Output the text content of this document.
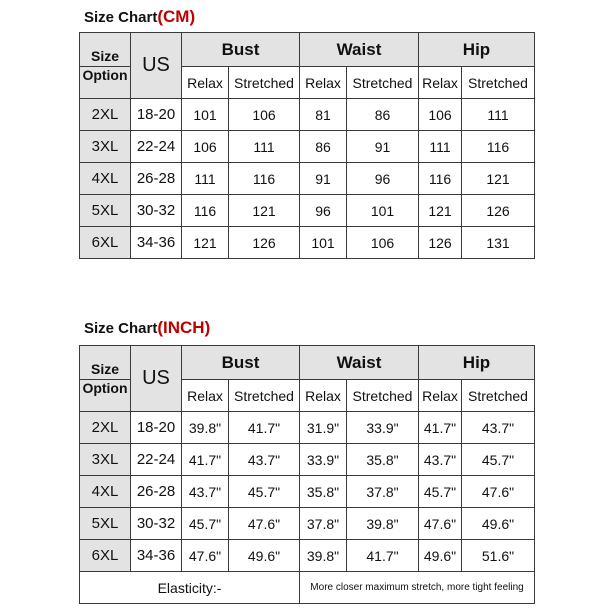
Size Chart(CM)
Size	US	Bust		Waist		Hip	
Option		Relax	Stretched	Relax	Stretched	Relax	Stretched
2XL	18-20	101	106	81	86	106	111
3XL	22-24	106	111	86	91	111	116
4XL	26-28	111	116	91	96	116	121
5XL	30-32	116	121	96	101	121	126
6XL	34-36	121	126	101	106	126	131
Size Chart(INCH)
Size	US	Bust		Waist		Hip	
Option		Relax	Stretched	Relax	Stretched	Relax	Stretched
2XL	18-20	39.8"	41.7"	31.9"	33.9"	41.7"	43.7"
3XL	22-24	41.7"	43.7"	33.9"	35.8"	43.7"	45.7"
4XL	26-28	43.7"	45.7"	35.8"	37.8"	45.7"	47.6"
5XL	30-32	45.7"	47.6"	37.8"	39.8"	47.6"	49.6"
6XL	34-36	47.6"	49.6"	39.8"	41.7"	49.6"	51.6"
Elasticity:-				More closer maximum stretch, more tight feeling			
